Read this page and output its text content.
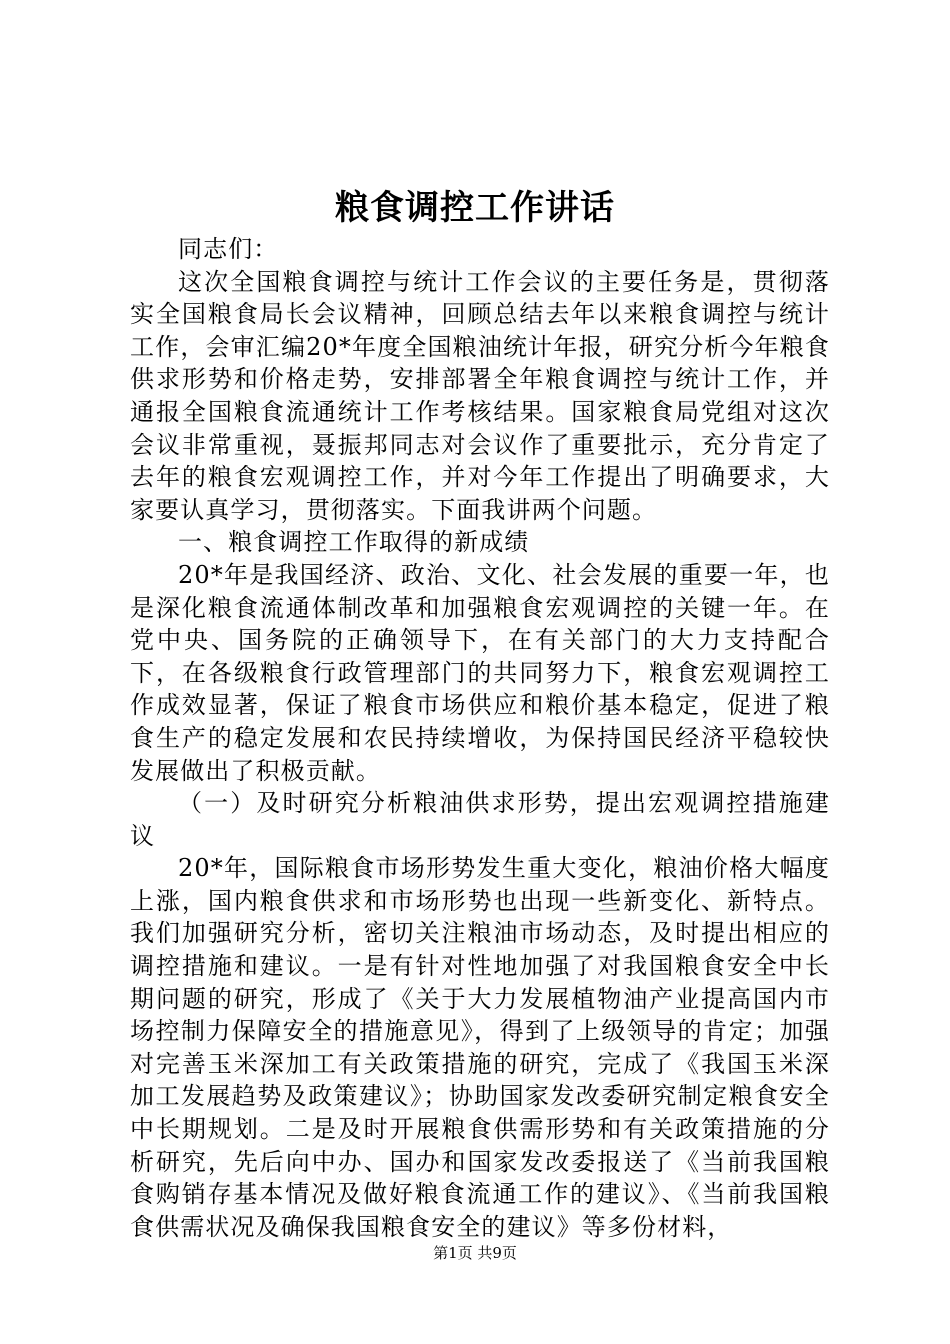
粮食调控工作讲话

同志们：

这次全国粮食调控与统计工作会议的主要任务是，贯彻落实全国粮食局长会议精神，回顾总结去年以来粮食调控与统计工作，会审汇编20*年度全国粮油统计年报，研究分析今年粮食供求形势和价格走势，安排部署全年粮食调控与统计工作，并通报全国粮食流通统计工作考核结果。国家粮食局党组对这次会议非常重视，聂振邦同志对会议作了重要批示，充分肯定了去年的粮食宏观调控工作，并对今年工作提出了明确要求，大家要认真学习，贯彻落实。下面我讲两个问题。

一、粮食调控工作取得的新成绩

20*年是我国经济、政治、文化、社会发展的重要一年，也是深化粮食流通体制改革和加强粮食宏观调控的关键一年。在党中央、国务院的正确领导下，在有关部门的大力支持配合下，在各级粮食行政管理部门的共同努力下，粮食宏观调控工作成效显著，保证了粮食市场供应和粮价基本稳定，促进了粮食生产的稳定发展和农民持续增收，为保持国民经济平稳较快发展做出了积极贡献。

（一）及时研究分析粮油供求形势，提出宏观调控措施建议

20*年，国际粮食市场形势发生重大变化，粮油价格大幅度上涨，国内粮食供求和市场形势也出现一些新变化、新特点。我们加强研究分析，密切关注粮油市场动态，及时提出相应的调控措施和建议。一是有针对性地加强了对我国粮食安全中长期问题的研究，形成了《关于大力发展植物油产业提高国内市场控制力保障安全的措施意见》，得到了上级领导的肯定；加强对完善玉米深加工有关政策措施的研究，完成了《我国玉米深加工发展趋势及政策建议》；协助国家发改委研究制定粮食安全中长期规划。二是及时开展粮食供需形势和有关政策措施的分析研究，先后向中办、国办和国家发改委报送了《当前我国粮食购销存基本情况及做好粮食流通工作的建议》、《当前我国粮食供需状况及确保我国粮食安全的建议》等多份材料，

第1页 共9页
